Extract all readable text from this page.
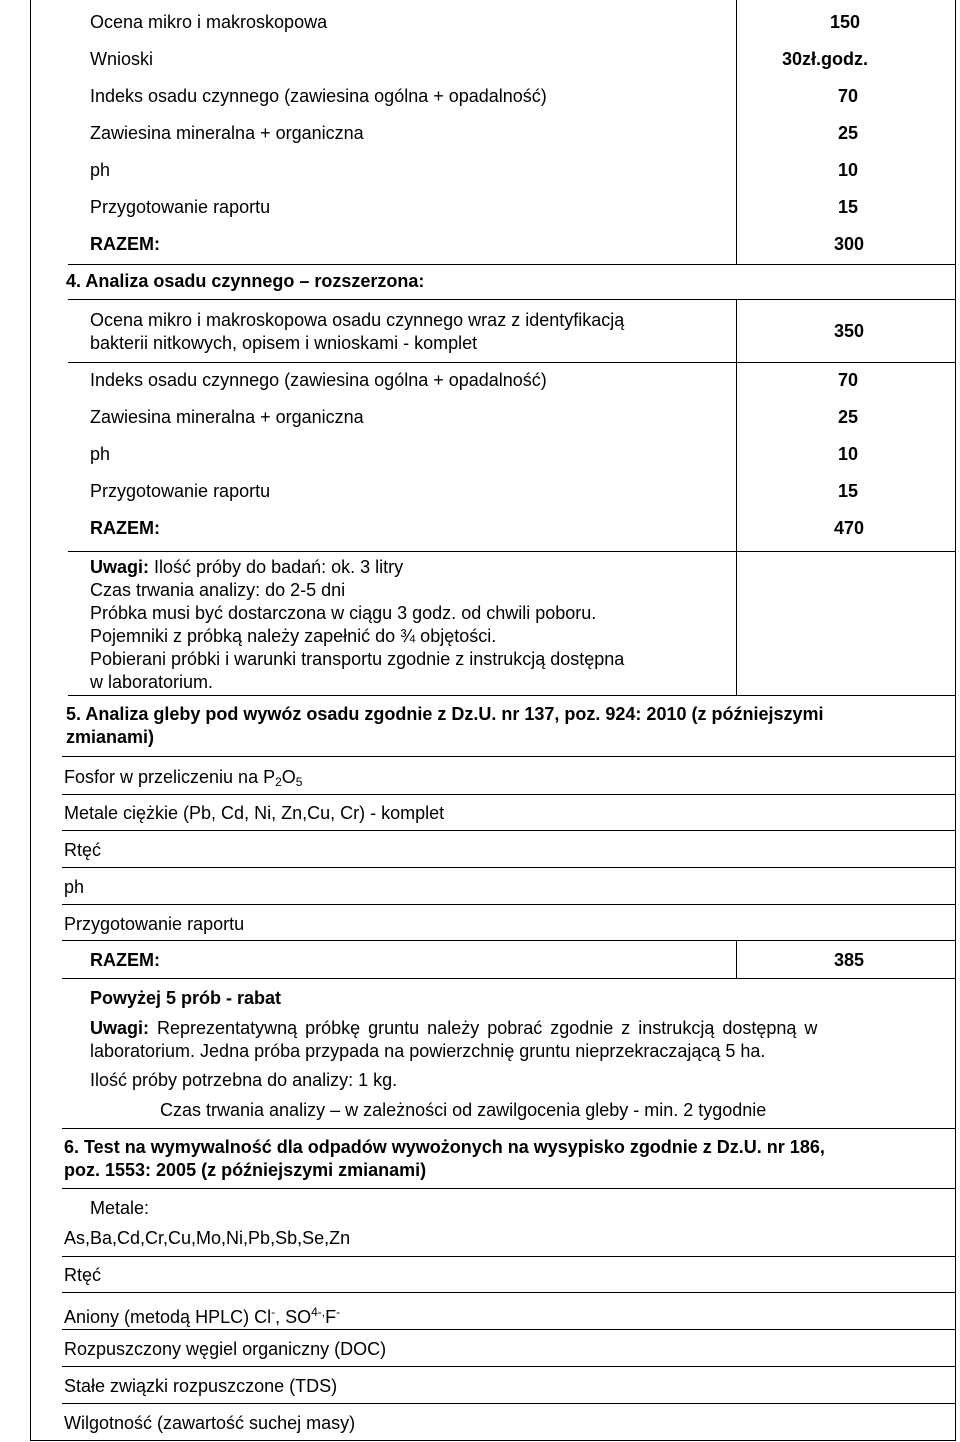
Ocena mikro i makroskopowa	150
Wnioski	30zł.godz.
Indeks osadu czynnego (zawiesina ogólna + opadalność)	70
Zawiesina mineralna + organiczna	25
ph	10
Przygotowanie raportu	15
RAZEM:	300
4. Analiza osadu czynnego – rozszerzona:
Ocena mikro i makroskopowa osadu czynnego wraz z identyfikacją
bakterii nitkowych, opisem i wnioskami - komplet
350
Indeks osadu czynnego (zawiesina ogólna + opadalność)	70
Zawiesina mineralna + organiczna	25
ph	10
Przygotowanie raportu	15
RAZEM:	470
Uwagi: Ilość próby do badań: ok. 3 litry
Czas trwania analizy: do 2-5 dni
Próbka musi być dostarczona w ciągu 3 godz. od chwili poboru.
Pojemniki z próbką należy zapełnić do ¾ objętości.
Pobierani próbki i warunki transportu zgodnie z instrukcją dostępna
w laboratorium.
5. Analiza gleby pod wywóz osadu zgodnie z Dz.U. nr 137, poz. 924: 2010 (z późniejszymi
zmianami)
Fosfor w przeliczeniu na $P_2O_5$
Metale ciężkie (Pb, Cd, Ni, Zn,Cu, Cr) - komplet
Rtęć
ph
Przygotowanie raportu
RAZEM:	385
Powyżej 5 prób - rabat
Uwagi: Reprezentatywną próbkę gruntu należy pobrać zgodnie z instrukcją dostępną w
laboratorium. Jedna próba przypada na powierzchnię gruntu nieprzekraczającą 5 ha.
Ilość próby potrzebna do analizy: 1 kg.
Czas trwania analizy – w zależności od zawilgocenia gleby - min. 2 tygodnie
6. Test na wymywalność dla odpadów wywożonych na wysypisko zgodnie z Dz.U. nr 186,
poz. 1553: 2005 (z późniejszymi zmianami)
Metale:
As,Ba,Cd,Cr,Cu,Mo,Ni,Pb,Sb,Se,Zn
Rtęć
Aniony (metodą HPLC) Cl-, $SO^{4-,}F^-$
Rozpuszczony węgiel organiczny (DOC)
Stałe związki rozpuszczone (TDS)
Wilgotność (zawartość suchej masy)
